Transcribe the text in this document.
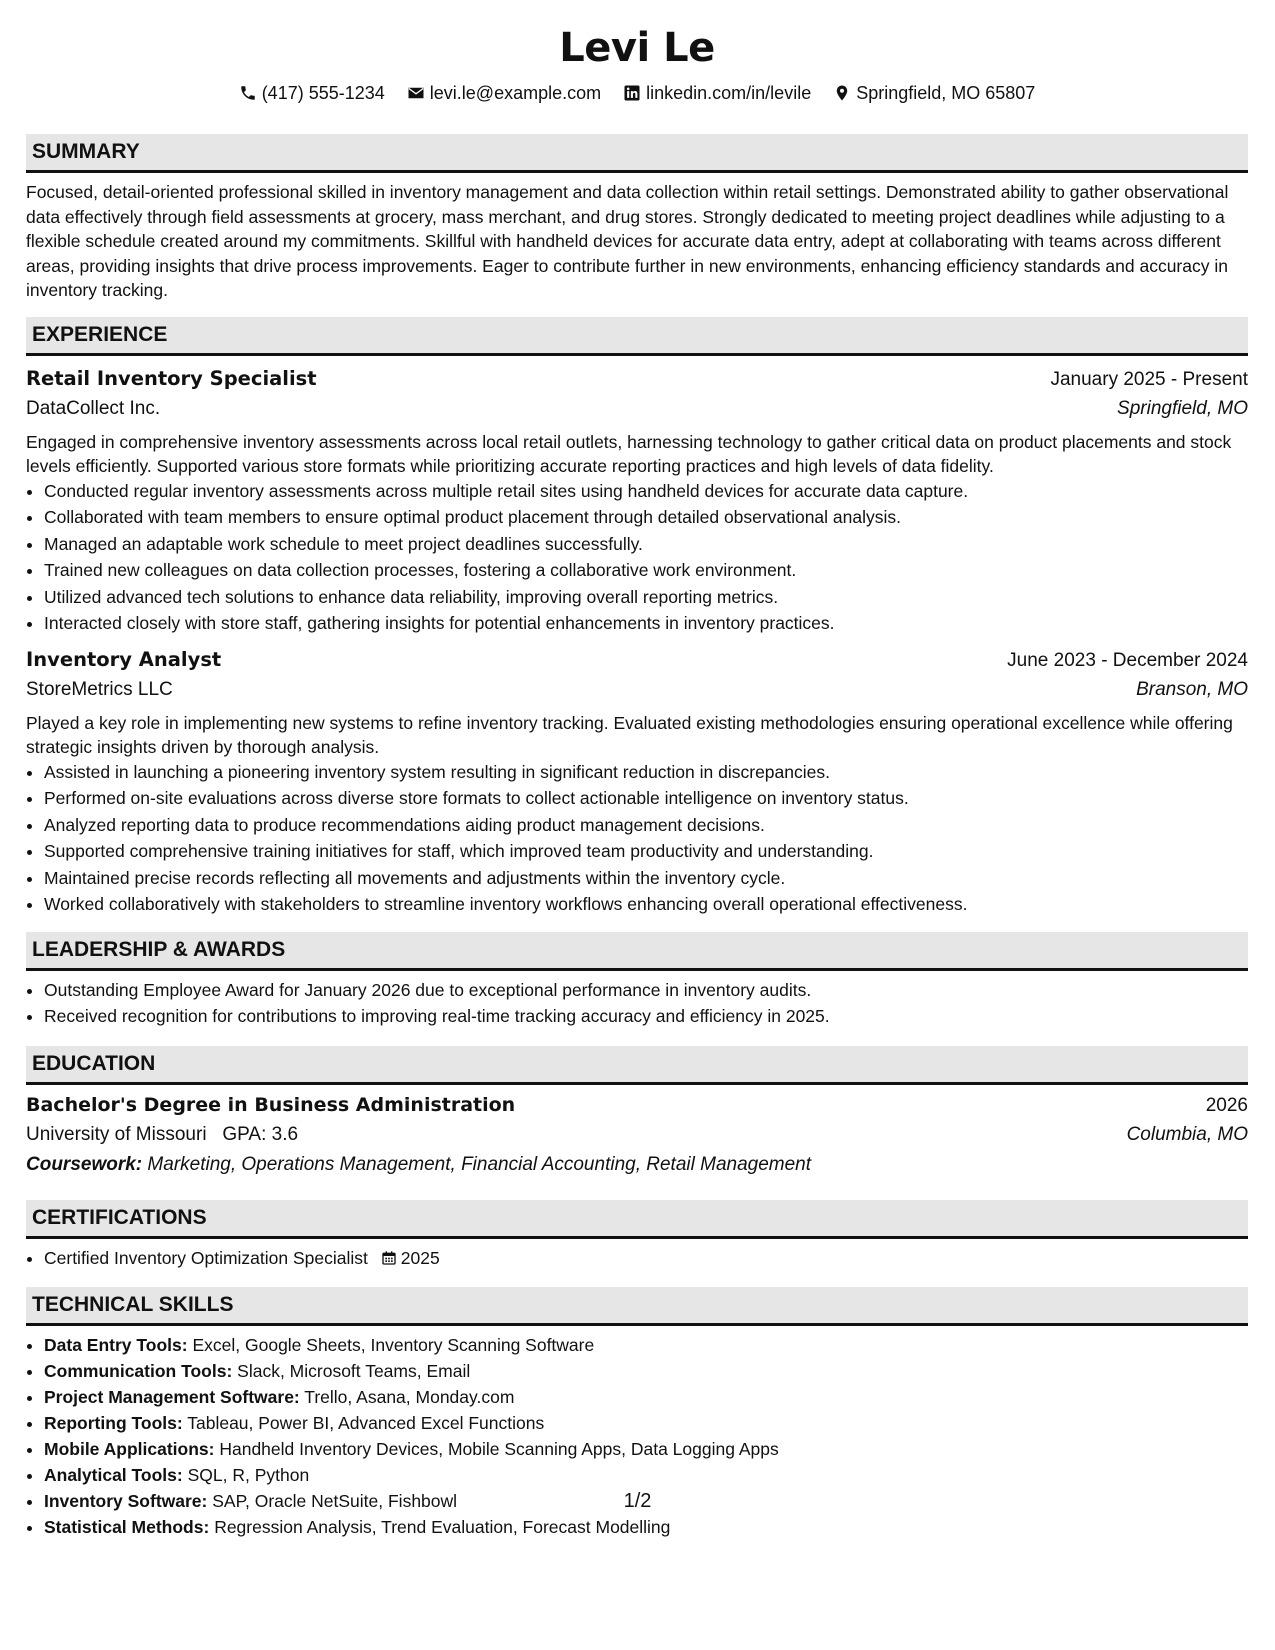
Levi Le
(417) 555-1234	levi.le@example.com	linkedin.com/in/levile	Springfield, MO 65807
SUMMARY
Focused, detail-oriented professional skilled in inventory management and data collection within retail settings. Demonstrated ability to gather observational data effectively through field assessments at grocery, mass merchant, and drug stores. Strongly dedicated to meeting project deadlines while adjusting to a flexible schedule created around my commitments. Skillful with handheld devices for accurate data entry, adept at collaborating with teams across different areas, providing insights that drive process improvements. Eager to contribute further in new environments, enhancing efficiency standards and accuracy in inventory tracking.
EXPERIENCE
Retail Inventory Specialist	January 2025 - Present
DataCollect Inc.	Springfield, MO
Engaged in comprehensive inventory assessments across local retail outlets, harnessing technology to gather critical data on product placements and stock levels efficiently. Supported various store formats while prioritizing accurate reporting practices and high levels of data fidelity.
• Conducted regular inventory assessments across multiple retail sites using handheld devices for accurate data capture.
• Collaborated with team members to ensure optimal product placement through detailed observational analysis.
• Managed an adaptable work schedule to meet project deadlines successfully.
• Trained new colleagues on data collection processes, fostering a collaborative work environment.
• Utilized advanced tech solutions to enhance data reliability, improving overall reporting metrics.
• Interacted closely with store staff, gathering insights for potential enhancements in inventory practices.
Inventory Analyst	June 2023 - December 2024
StoreMetrics LLC	Branson, MO
Played a key role in implementing new systems to refine inventory tracking. Evaluated existing methodologies ensuring operational excellence while offering strategic insights driven by thorough analysis.
• Assisted in launching a pioneering inventory system resulting in significant reduction in discrepancies.
• Performed on-site evaluations across diverse store formats to collect actionable intelligence on inventory status.
• Analyzed reporting data to produce recommendations aiding product management decisions.
• Supported comprehensive training initiatives for staff, which improved team productivity and understanding.
• Maintained precise records reflecting all movements and adjustments within the inventory cycle.
• Worked collaboratively with stakeholders to streamline inventory workflows enhancing overall operational effectiveness.
LEADERSHIP & AWARDS
• Outstanding Employee Award for January 2026 due to exceptional performance in inventory audits.
• Received recognition for contributions to improving real-time tracking accuracy and efficiency in 2025.
EDUCATION
Bachelor's Degree in Business Administration	2026
University of Missouri GPA: 3.6	Columbia, MO
Coursework: Marketing, Operations Management, Financial Accounting, Retail Management
CERTIFICATIONS
• Certified Inventory Optimization Specialist 2025
TECHNICAL SKILLS
• Data Entry Tools: Excel, Google Sheets, Inventory Scanning Software
• Communication Tools: Slack, Microsoft Teams, Email
• Project Management Software: Trello, Asana, Monday.com
• Reporting Tools: Tableau, Power BI, Advanced Excel Functions
• Mobile Applications: Handheld Inventory Devices, Mobile Scanning Apps, Data Logging Apps
• Analytical Tools: SQL, R, Python
• Inventory Software: SAP, Oracle NetSuite, Fishbowl
• Statistical Methods: Regression Analysis, Trend Evaluation, Forecast Modelling
1/2
